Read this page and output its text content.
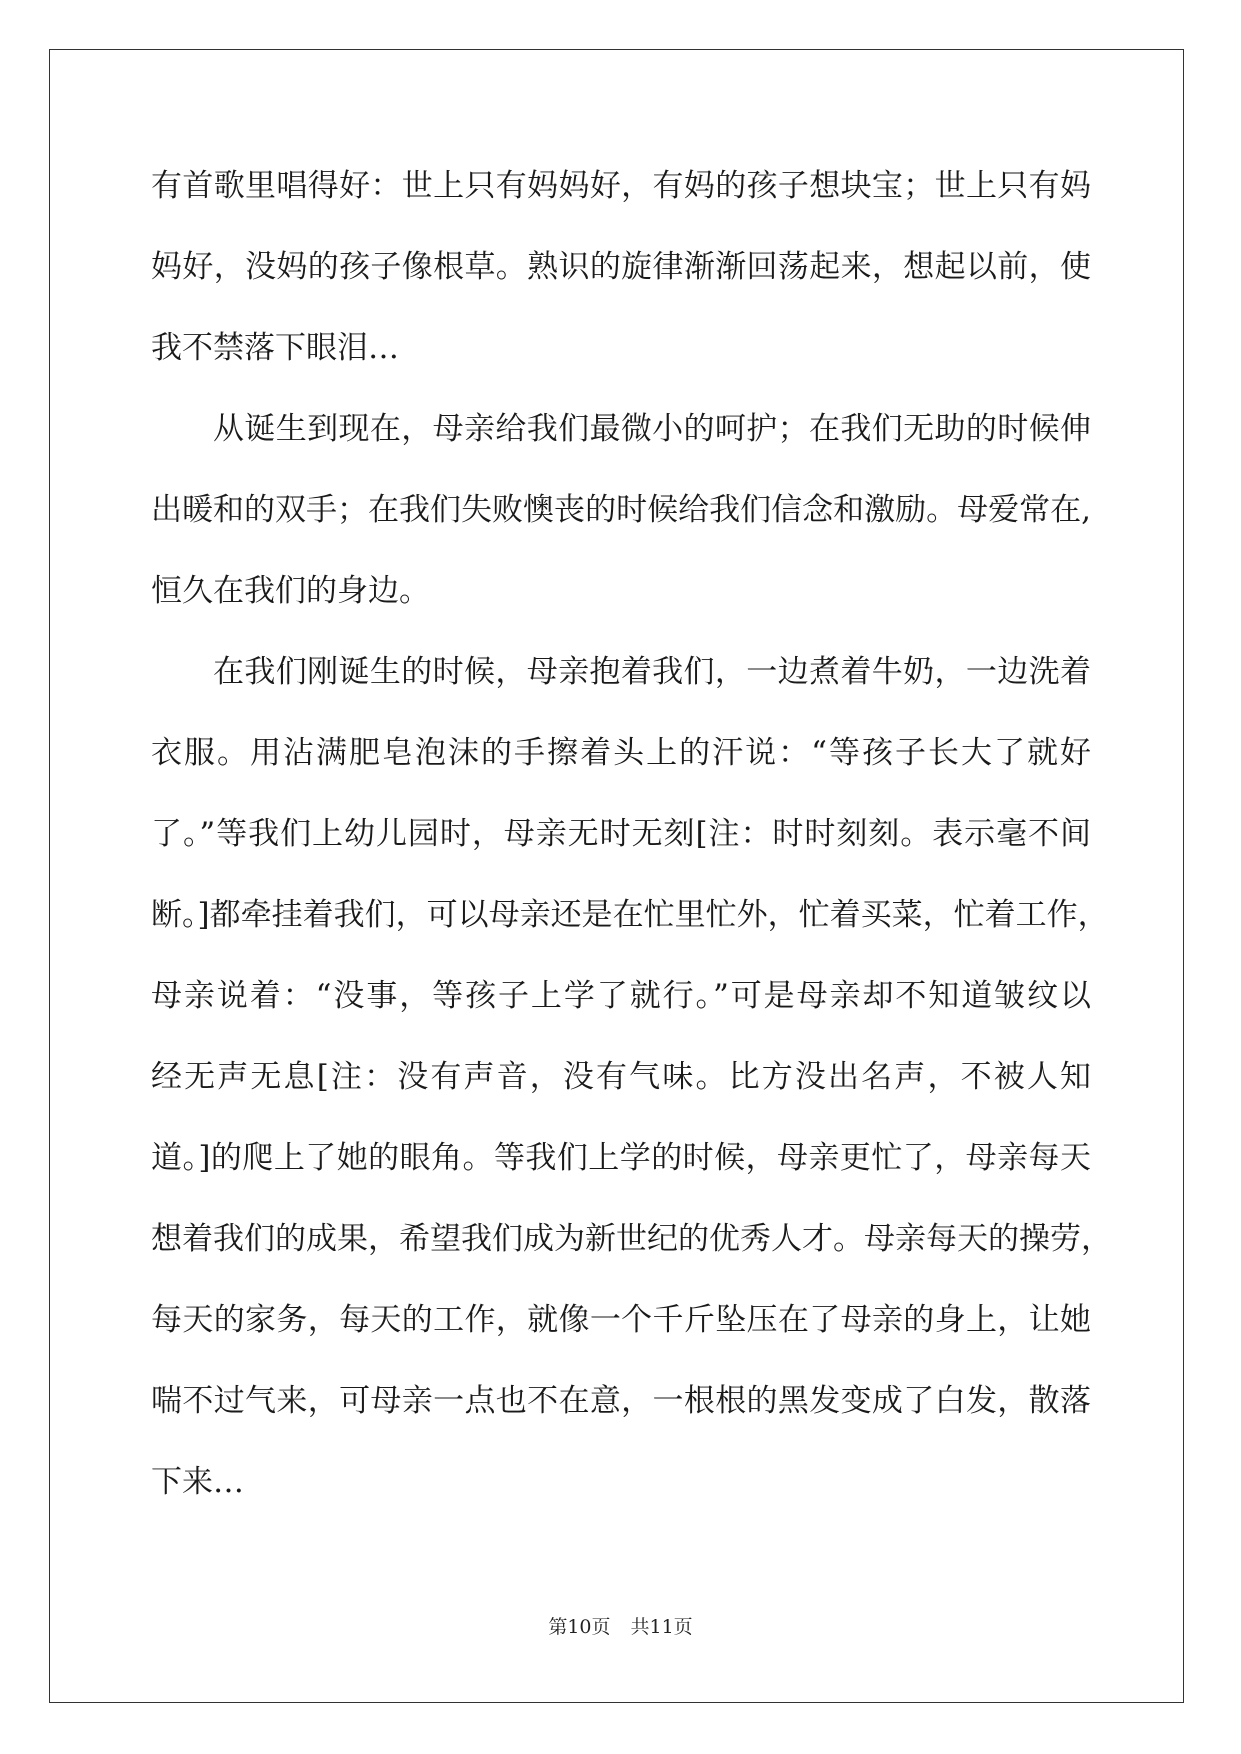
有首歌里唱得好：世上只有妈妈好，有妈的孩子想块宝；世上只有妈
妈好，没妈的孩子像根草。熟识的旋律渐渐回荡起来，想起以前，使
我不禁落下眼泪…
从诞生到现在，母亲给我们最微小的呵护；在我们无助的时候伸
出暖和的双手；在我们失败懊丧的时候给我们信念和激励。母爱常在,
恒久在我们的身边。
在我们刚诞生的时候，母亲抱着我们，一边煮着牛奶，一边洗着
衣服。用沾满肥皂泡沫的手擦着头上的汗说：“等孩子长大了就好
了。”等我们上幼儿园时，母亲无时无刻[注：时时刻刻。表示毫不间
断。]都牵挂着我们，可以母亲还是在忙里忙外，忙着买菜，忙着工作，
母亲说着：“没事，等孩子上学了就行。”可是母亲却不知道皱纹以
经无声无息[注：没有声音，没有气味。比方没出名声，不被人知
道。]的爬上了她的眼角。等我们上学的时候，母亲更忙了，母亲每天
想着我们的成果，希望我们成为新世纪的优秀人才。母亲每天的操劳，
每天的家务，每天的工作，就像一个千斤坠压在了母亲的身上，让她
喘不过气来，可母亲一点也不在意，一根根的黑发变成了白发，散落
下来…
第10页 共11页
